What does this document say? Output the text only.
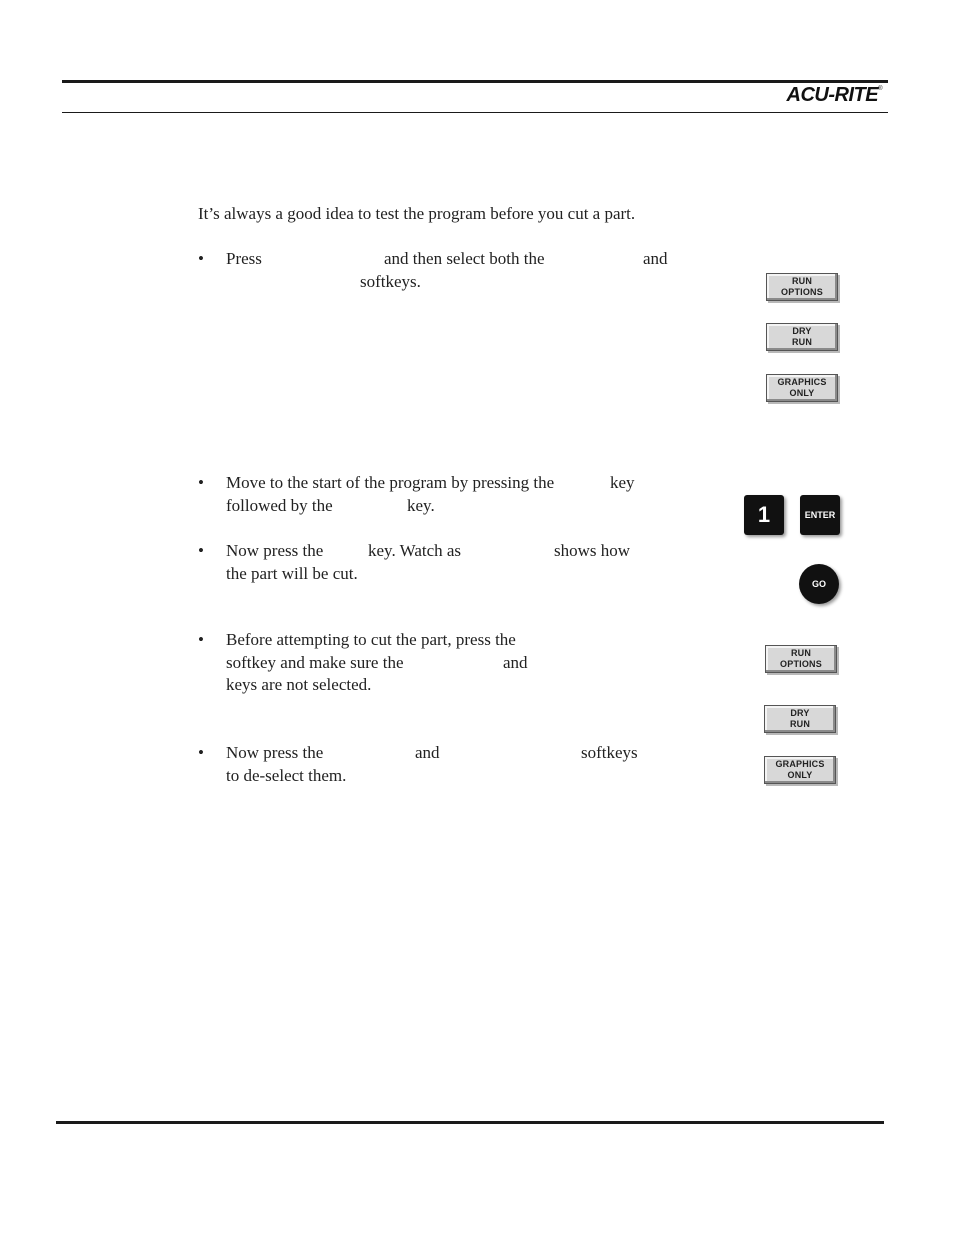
ACU-RITE®
It’s always a good idea to test the program before you cut a part.
• Press	and then select both the	and
softkeys.
• Move to the start of the program by pressing the	key
followed by the	key.
• Now press the	key. Watch as	shows how
the part will be cut.
• Before attempting to cut the part, press the
softkey and make sure the	and
keys are not selected.
• Now press the	and	softkeys
to de-select them.
RUN
OPTIONS
DRY
RUN
GRAPHICS
ONLY
1	ENTER
GO
RUN
OPTIONS
DRY
RUN
GRAPHICS
ONLY
